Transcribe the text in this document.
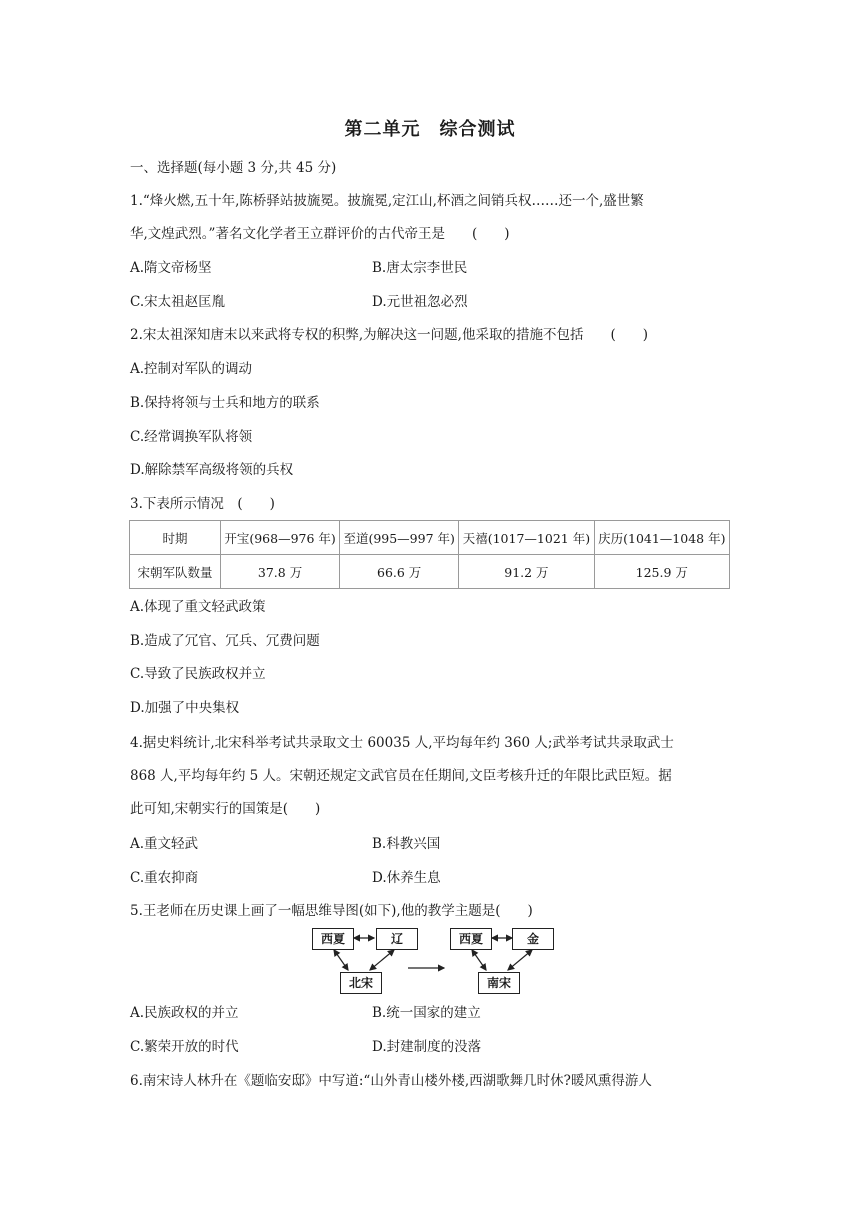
第二单元　综合测试
一、选择题(每小题 3 分,共 45 分)
1.“烽火燃,五十年,陈桥驿站披旒冕。披旒冕,定江山,杯酒之间销兵权……还一个,盛世繁
华,文煌武烈。”著名文化学者王立群评价的古代帝王是　　(　　)
A.隋文帝杨坚	B.唐太宗李世民
C.宋太祖赵匡胤	D.元世祖忽必烈
2.宋太祖深知唐末以来武将专权的积弊,为解决这一问题,他采取的措施不包括　　(　　)
A.控制对军队的调动
B.保持将领与士兵和地方的联系
C.经常调换军队将领
D.解除禁军高级将领的兵权
3.下表所示情况　(　　)
时期	开宝(968—976 年)	至道(995—997 年)	天禧(1017—1021 年)	庆历(1041—1048 年)
宋朝军队数量	37.8 万	66.6 万	91.2 万	125.9 万
A.体现了重文轻武政策
B.造成了冗官、冗兵、冗费问题
C.导致了民族政权并立
D.加强了中央集权
4.据史料统计,北宋科举考试共录取文士 60035 人,平均每年约 360 人;武举考试共录取武士
868 人,平均每年约 5 人。宋朝还规定文武官员在任期间,文臣考核升迁的年限比武臣短。据
此可知,宋朝实行的国策是(　　)
A.重文轻武	B.科教兴国
C.重农抑商	D.休养生息
5.王老师在历史课上画了一幅思维导图(如下),他的教学主题是(　　)
西夏	辽
北宋
西夏	金
南宋
A.民族政权的并立	B.统一国家的建立
C.繁荣开放的时代	D.封建制度的没落
6.南宋诗人林升在《题临安邸》中写道:“山外青山楼外楼,西湖歌舞几时休?暖风熏得游人
